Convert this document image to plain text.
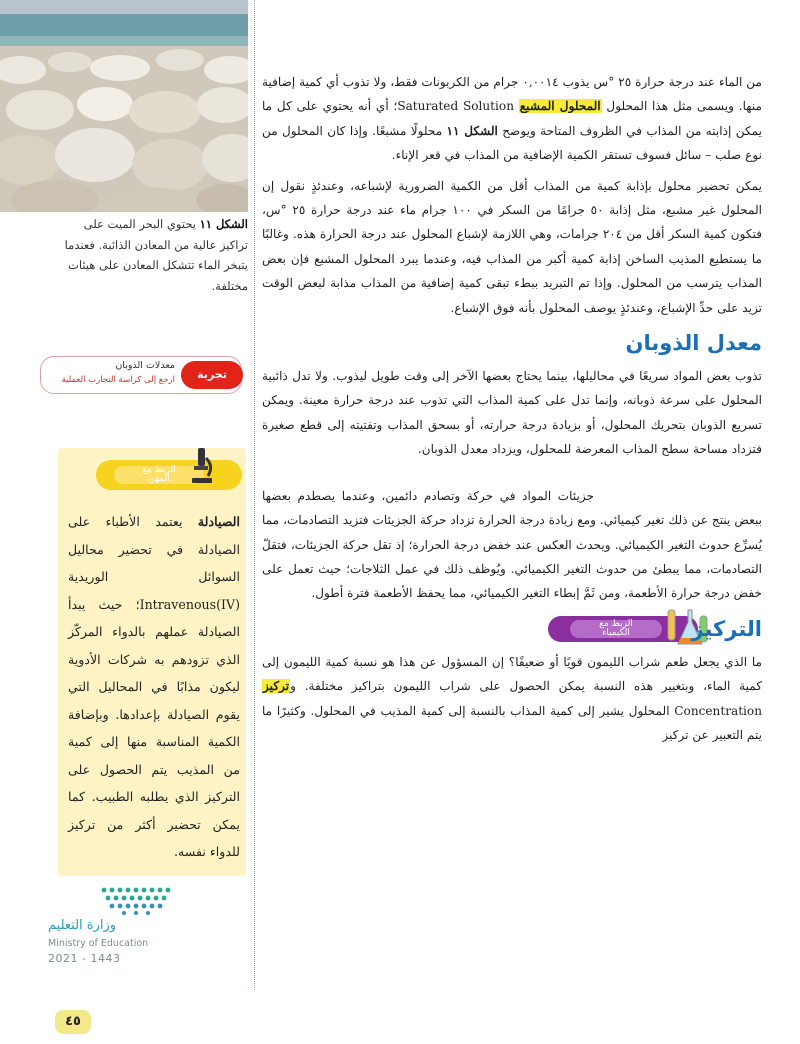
الشكل ١١ يحتوي البحر الميت على تراكيز عالية من المعادن الذائبة. فعندما يتبخر الماء تتشكل المعادن على هيئات مختلفة.
تجربة عملية
معدلات الذوبان
ارجع إلى كراسة التجارب العملية
الربط مع
المهن
الصيادلة يعتمد الأطباء على الصيادلة في تحضير محاليل السوائل الوريدية Intravenous(IV)؛ حيث يبدأ الصيادلة عملهم بالدواء المركّز الذي تزودهم به شركات الأدوية ليكون مذابًا في المحاليل التي يقوم الصيادلة بإعدادها. وبإضافة الكمية المناسبة منها إلى كمية من المذيب يتم الحصول على التركيز الذي يطلبه الطبيب. كما يمكن تحضير أكثر من تركيز للدواء نفسه.
وزارة التعليم
Ministry of Education
2021 - 1443
٤٥
الربط مع
الكيمياء

من الماء عند درجة حرارة ٢٥ °س يذوب ٠,٠٠١٤ جرام من الكربونات فقط، ولا تذوب أي كمية إضافية منها. ويسمى مثل هذا المحلول المحلول المشبع Saturated Solution؛ أي أنه يحتوي على كل ما يمكن إذابته من المذاب في الظروف المتاحة ويوضح الشكل ١١ محلولًا مشبعًا. وإذا كان المحلول من نوع صلب – سائل فسوف تستقر الكمية الإضافية من المذاب في قعر الإناء.

يمكن تحضير محلول بإذابة كمية من المذاب أقل من الكمية الضرورية لإشباعه، وعندئذٍ نقول إن المحلول غير مشبع، مثل إذابة ٥٠ جرامًا من السكر في ١٠٠ جرام ماء عند درجة حرارة ٢٥ °س، فتكون كمية السكر أقل من ٢٠٤ جرامات، وهي اللازمة لإشباع المحلول عند درجة الحرارة هذه. وغالبًا ما يستطيع المذيب الساخن إذابة كمية أكبر من المذاب فيه، وعندما يبرد المحلول المشبع فإن بعض المذاب يترسب من المحلول. وإذا تم التبريد ببطء تبقى كمية إضافية من المذاب مذابة لبعض الوقت تزيد على حدِّ الإشباع، وعندئذٍ يوصف المحلول بأنه فوق الإشباع.

معدل الذوبان

تذوب بعض المواد سريعًا في محاليلها، بينما يحتاج بعضها الآخر إلى وقت طويل ليذوب. ولا تدل ذائبية المحلول على سرعة ذوبانه، وإنما تدل على كمية المذاب التي تذوب عند درجة حرارة معينة. ويمكن تسريع الذوبان بتحريك المحلول، أو بزيادة درجة حرارته، أو بسحق المذاب وتفتيته إلى قطع صغيرة فتزداد مساحة سطح المذاب المعرضة للمحلول، ويزداد معدل الذوبان.

جزيئات المواد في حركة وتصادم دائمين، وعندما يصطدم بعضها ببعض ينتج عن ذلك تغير كيميائي. ومع زيادة درجة الحرارة تزداد حركة الجزيئات فتزيد التصادمات، مما يُسرِّع حدوث التغير الكيميائي. ويحدث العكس عند خفض درجة الحرارة؛ إذ تقل حركة الجزيئات، فتقلّ التصادمات، مما يبطئ من حدوث التغير الكيميائي. ويُوظف ذلك في عمل الثلاجات؛ حيث تعمل على خفض درجة حرارة الأطعمة، ومن ثَمَّ إبطاء التغير الكيميائي، مما يحفظ الأطعمة فترة أطول.

التركيز

ما الذي يجعل طعم شراب الليمون قويًا أو ضعيفًا؟ إن المسؤول عن هذا هو نسبة كمية الليمون إلى كمية الماء، وبتغيير هذه النسبة يمكن الحصول على شراب الليمون بتراكيز مختلفة. وتركيز Concentration المحلول يشير إلى كمية المذاب بالنسبة إلى كمية المذيب في المحلول. وكثيرًا ما يتم التعبير عن تركيز
